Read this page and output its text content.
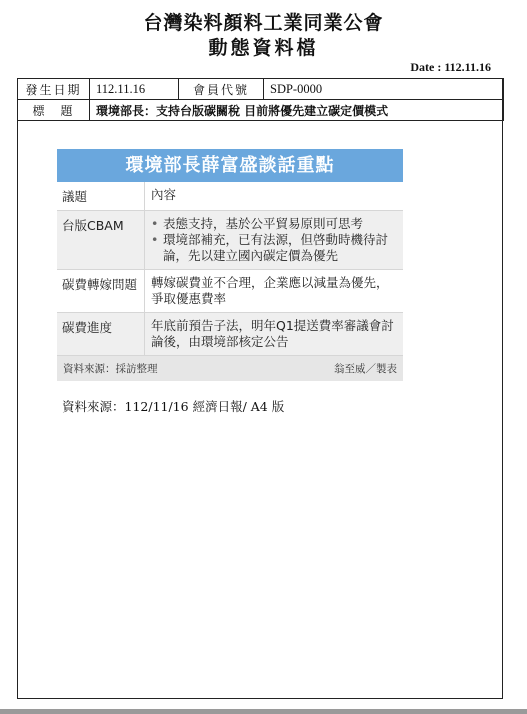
台灣染料顏料工業同業公會
動態資料檔
Date : 112.11.16
發生日期	112.11.16	會員代號	SDP-0000
標　題	環境部長：支持台版碳關稅 目前將優先建立碳定價模式		
環境部長薛富盛談話重點
議題	內容
台版CBAM	• 表態支持，基於公平貿易原則可思考
• 環境部補充，已有法源，但啓動時機待討論，先以建立國內碳定價為優先
碳費轉嫁問題	轉嫁碳費並不合理，企業應以減量為優先，爭取優惠費率
碳費進度	年底前預告子法，明年Q1提送費率審議會討論後，由環境部核定公告
資料來源：採訪整理	翁至威／製表
資料來源：112/11/16 經濟日報/ A4 版
